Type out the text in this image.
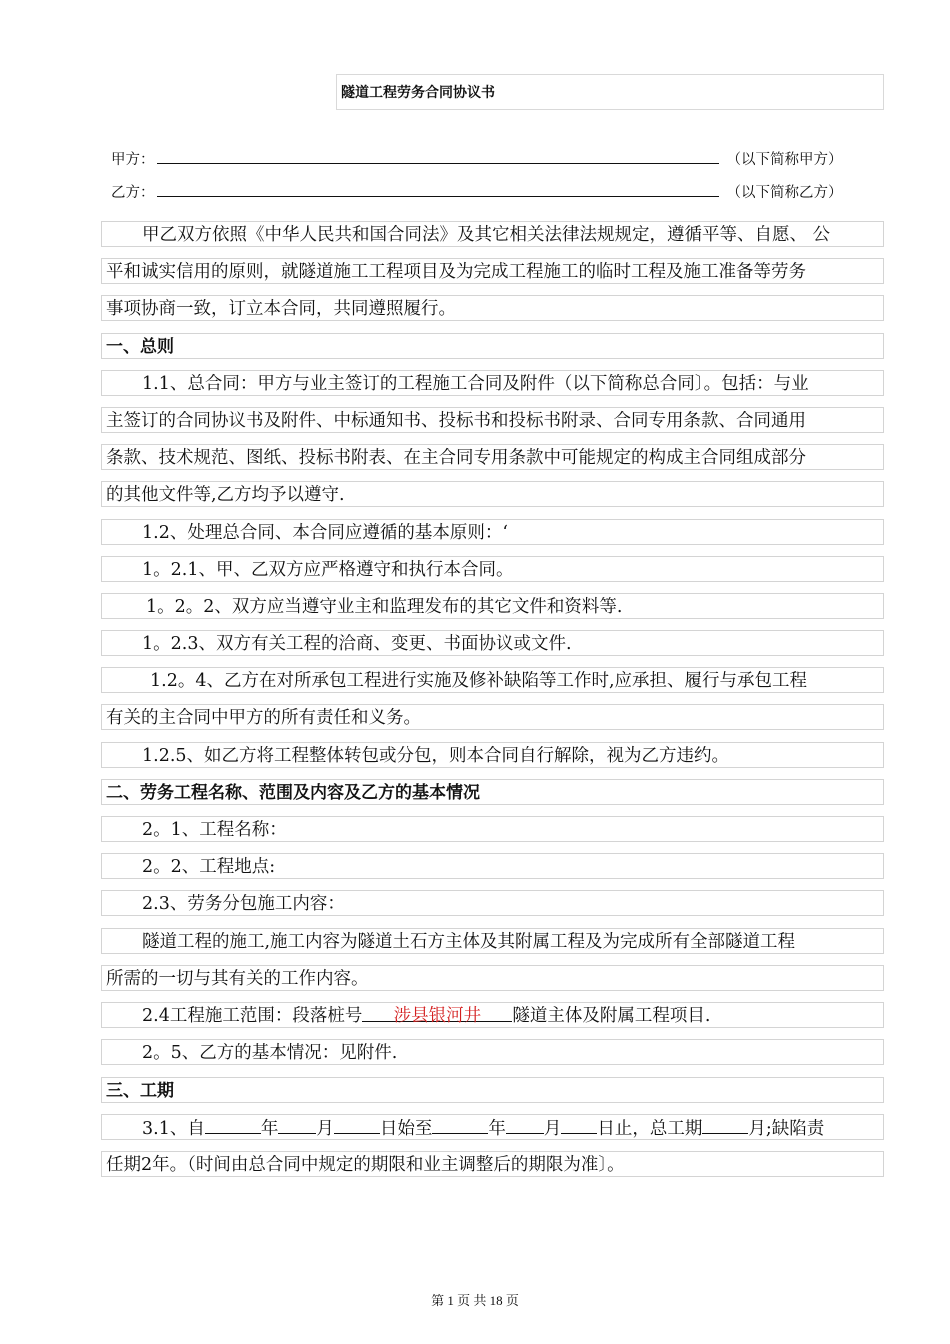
隧道工程劳务合同协议书
甲方：	（以下简称甲方）
乙方：	（以下简称乙方）
甲乙双方依照《中华人民共和国合同法》及其它相关法律法规规定，遵循平等、自愿、 公
平和诚实信用的原则，就隧道施工工程项目及为完成工程施工的临时工程及施工准备等劳务
事项协商一致，订立本合同，共同遵照履行。
一、总则
1.1、总合同：甲方与业主签订的工程施工合同及附件（以下简称总合同〕。包括：与业
主签订的合同协议书及附件、中标通知书、投标书和投标书附录、合同专用条款、合同通用
条款、技术规范、图纸、投标书附表、在主合同专用条款中可能规定的构成主合同组成部分
的其他文件等,乙方均予以遵守.
1.2、处理总合同、本合同应遵循的基本原则：‘
1。2.1、甲、乙双方应严格遵守和执行本合同。
1。2。2、双方应当遵守业主和监理发布的其它文件和资料等.
1。2.3、双方有关工程的洽商、变更、书面协议或文件.
1.2。4、乙方在对所承包工程进行实施及修补缺陷等工作时,应承担、履行与承包工程
有关的主合同中甲方的所有责任和义务。
1.2.5、如乙方将工程整体转包或分包，则本合同自行解除，视为乙方违约。
二、劳务工程名称、范围及内容及乙方的基本情况
2。1、工程名称：
2。2、工程地点:
2.3、劳务分包施工内容：
隧道工程的施工,施工内容为隧道土石方主体及其附属工程及为完成所有全部隧道工程
所需的一切与其有关的工作内容。
2.4工程施工范围：段落桩号 涉县银河井 隧道主体及附属工程项目.
2。5、乙方的基本情况：见附件.
三、工期
3.1、自	年 月	日始至	年 月 日止，总工期	月;缺陷责
任期2年。（时间由总合同中规定的期限和业主调整后的期限为准〕。
第 1 页 共 18 页
